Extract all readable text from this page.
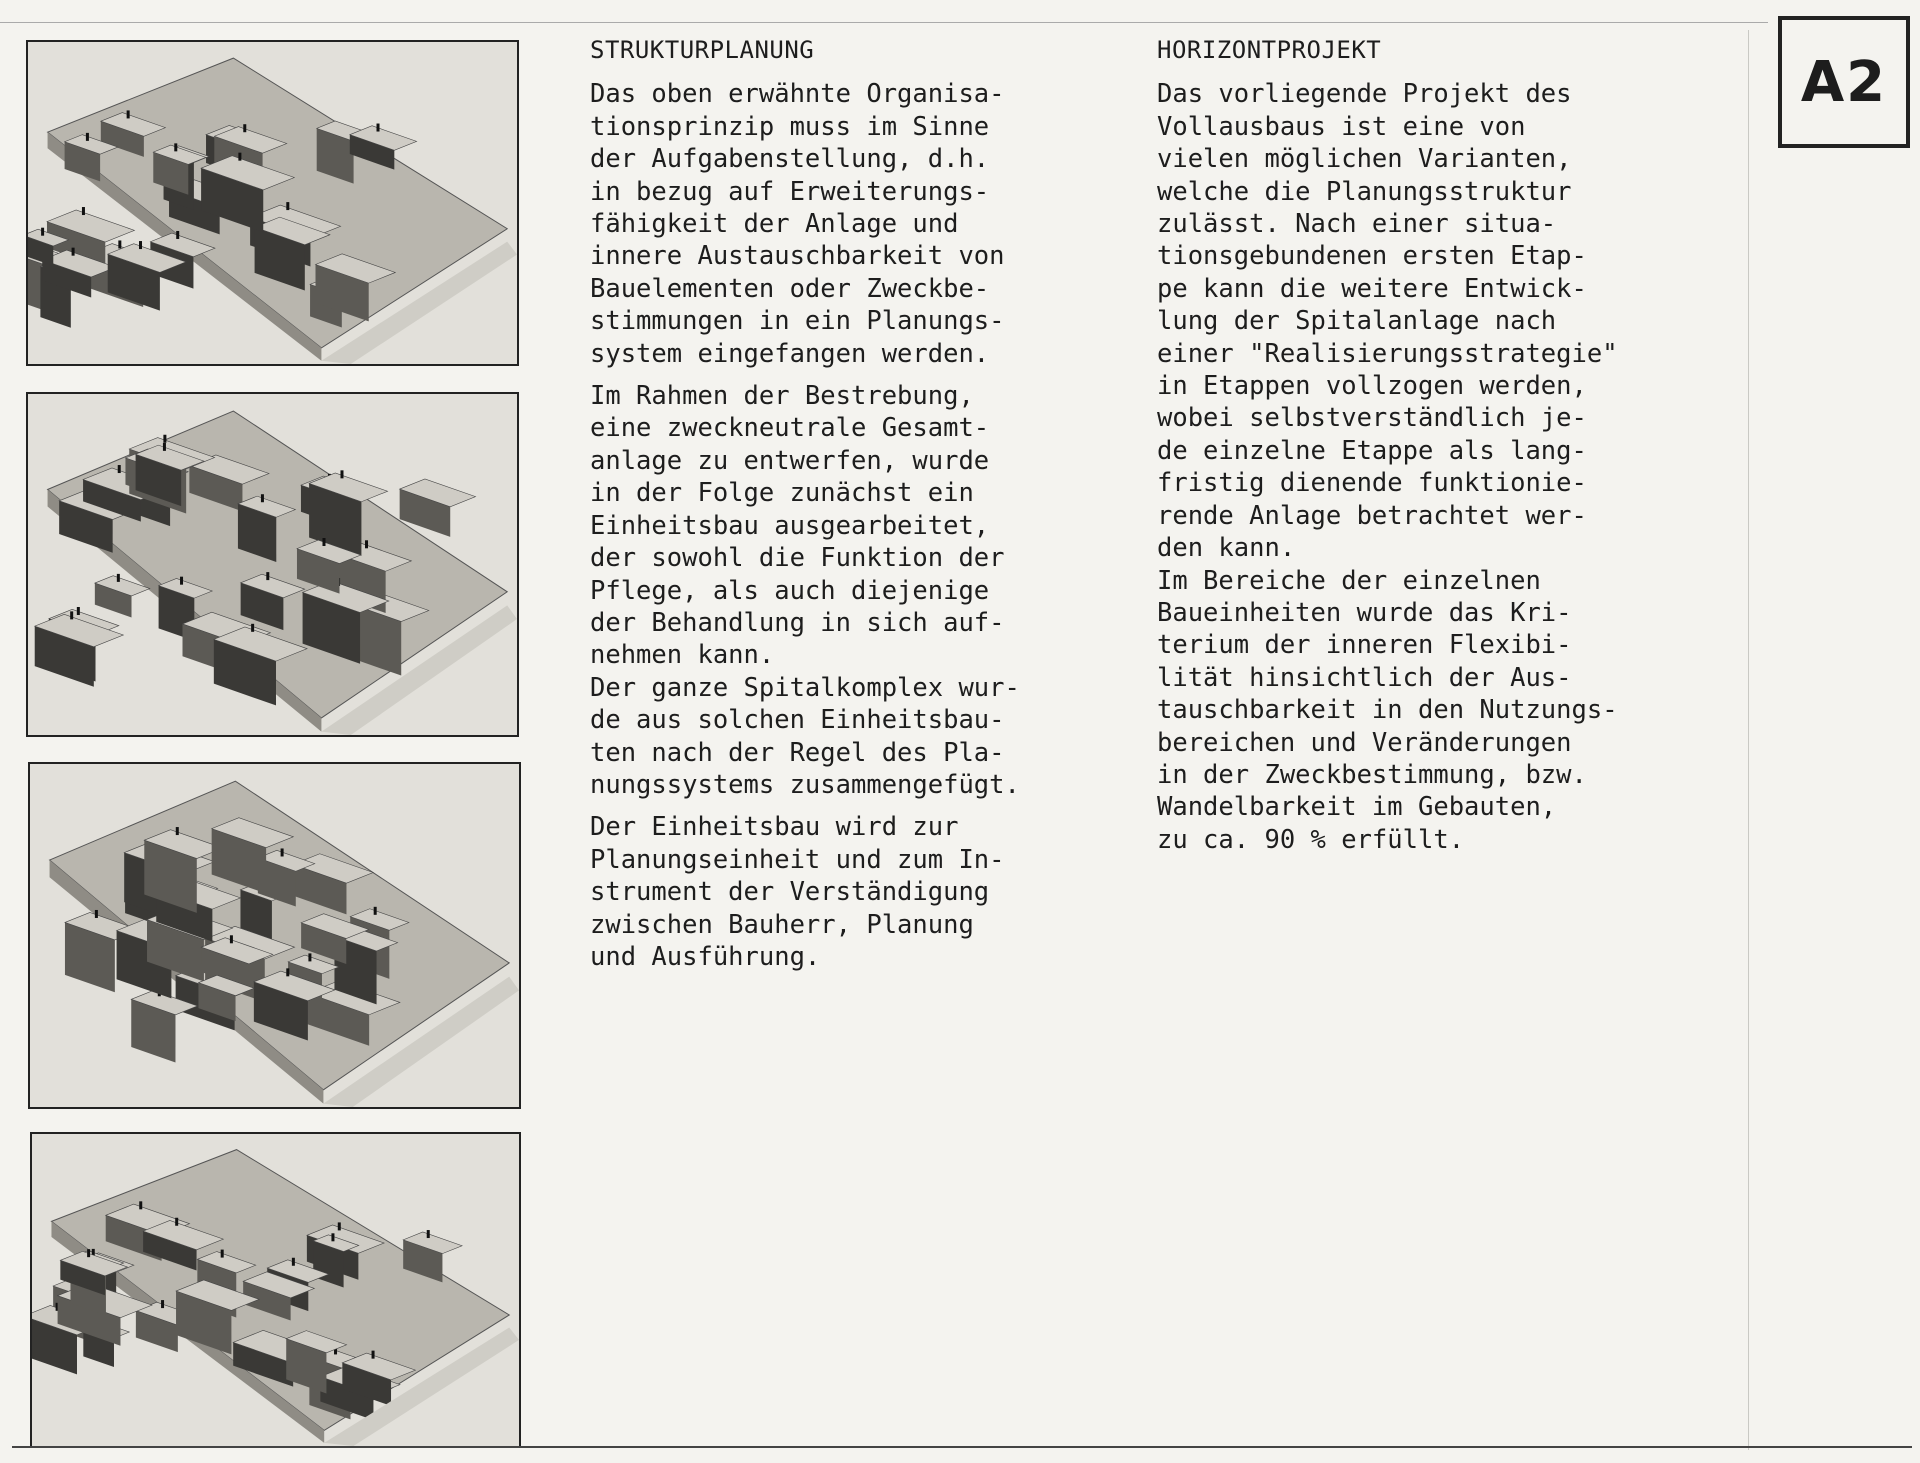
STRUKTURPLANUNG

Das oben erwähnte Organisa-

tionsprinzip muss im Sinne

der Aufgabenstellung, d.h.

in bezug auf Erweiterungs-

fähigkeit der Anlage und

innere Austauschbarkeit von

Bauelementen oder Zweckbe-

stimmungen in ein Planungs-

system eingefangen werden.

Im Rahmen der Bestrebung,

eine zweckneutrale Gesamt-

anlage zu entwerfen, wurde

in der Folge zunächst ein

Einheitsbau ausgearbeitet,

der sowohl die Funktion der

Pflege, als auch diejenige

der Behandlung in sich auf-

nehmen kann.

Der ganze Spitalkomplex wur-

de aus solchen Einheitsbau-

ten nach der Regel des Pla-

nungssystems zusammengefügt.

Der Einheitsbau wird zur

Planungseinheit und zum In-

strument der Verständigung

zwischen Bauherr, Planung

und Ausführung.

HORIZONTPROJEKT

Das vorliegende Projekt des

Vollausbaus ist eine von

vielen möglichen Varianten,

welche die Planungsstruktur

zulässt. Nach einer situa-

tionsgebundenen ersten Etap-

pe kann die weitere Entwick-

lung der Spitalanlage nach

einer "Realisierungsstrategie"

in Etappen vollzogen werden,

wobei selbstverständlich je-

de einzelne Etappe als lang-

fristig dienende funktionie-

rende Anlage betrachtet wer-

den kann.

Im Bereiche der einzelnen

Baueinheiten wurde das Kri-

terium der inneren Flexibi-

lität hinsichtlich der Aus-

tauschbarkeit in den Nutzungs-

bereichen und Veränderungen

in der Zweckbestimmung, bzw.

Wandelbarkeit im Gebauten,

zu ca. 90 % erfüllt.

A2
